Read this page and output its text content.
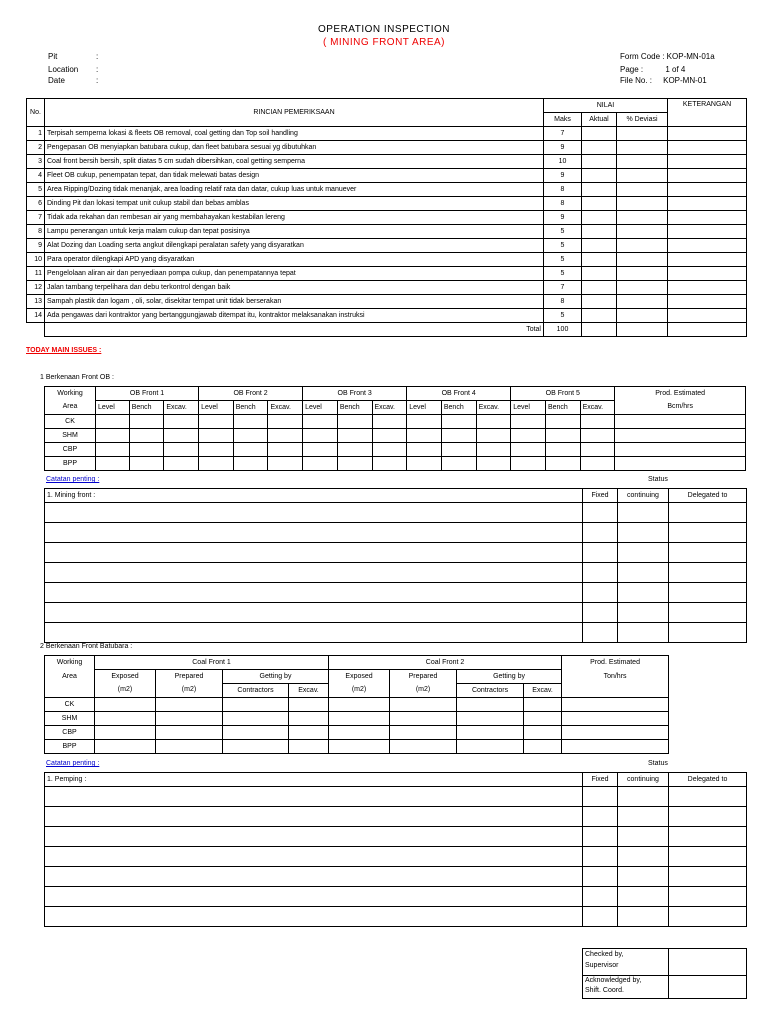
OPERATION INSPECTION
( MINING FRONT AREA)
Pit	:
Location :
Date	:
Form Code : KOP-MN-01a
Page :          1 of 4
File No. :     KOP-MN-01
No.	RINCIAN PEMERIKSAAN	NILAI			KETERANGAN
		Maks	Aktual	% Deviasi	
1	Terpisah semperna lokasi & fleets OB removal, coal getting dan Top soil handling	7			
2	Pengepasan OB menyiapkan batubara cukup, dan fleet batubara sesuai yg dibutuhkan	9			
3	Coal front bersih bersih, split diatas 5 cm sudah dibersihkan, coal getting semperna	10			
4	Fleet OB cukup, penempatan tepat, dan tidak melewati batas design	9			
5	Area Ripping/Dozing tidak menanjak, area loading relatif rata dan datar, cukup luas untuk manuever	8			
6	Dinding Pit dan lokasi tempat unit cukup stabil dan bebas amblas	8			
7	Tidak ada rekahan dan rembesan air yang membahayakan kestabilan lereng	9			
8	Lampu penerangan untuk kerja malam cukup dan tepat posisinya	5			
9	Alat Dozing dan Loading serta angkut dilengkapi peralatan safety yang disyaratkan	5			
10	Para operator dilengkapi APD yang disyaratkan	5			
11	Pengelolaan aliran air dan penyediaan pompa cukup, dan penempatannya tepat	5			
12	Jalan tambang terpelihara dan debu terkontrol dengan baik	7			
13	Sampah plastik dan logam , oli, solar, disekitar tempat unit tidak berserakan	8			
14	Ada pengawas dari kontraktor yang bertanggungjawab ditempat itu, kontraktor melaksanakan instruksi	5			
	Total	100			
TODAY MAIN ISSUES :
1 Berkenaan Front OB :
Working	OB Front 1			OB Front 2			OB Front 3			OB Front 4			OB Front 5			Prod. Estimated
Area	Level	Bench	Excav.	Level	Bench	Excav.	Level	Bench	Excav.	Level	Bench	Excav.	Level	Bench	Excav.	Bcm/hrs
CK																
SHM																
CBP																
BPP																
Catatan penting :	Status
1. Mining front :	Fixed	continuing	Delegated to

2 Berkenaan Front Batubara :
Working	Coal Front 1				Coal Front 2				Prod. Estimated
Area	Exposed	Prepared	Getting by		Exposed	Prepared	Getting by		Ton/hrs
	(m2)	(m2)	Contractors	Excav.	(m2)	(m2)	Contractors	Excav.	
CK									
SHM									
CBP									
BPP									
Catatan penting :	Status
1. Pemping :	Fixed	continuing	Delegated to

Checked by,
Supervisor	
Acknowledged by,
Shift. Coord.	
